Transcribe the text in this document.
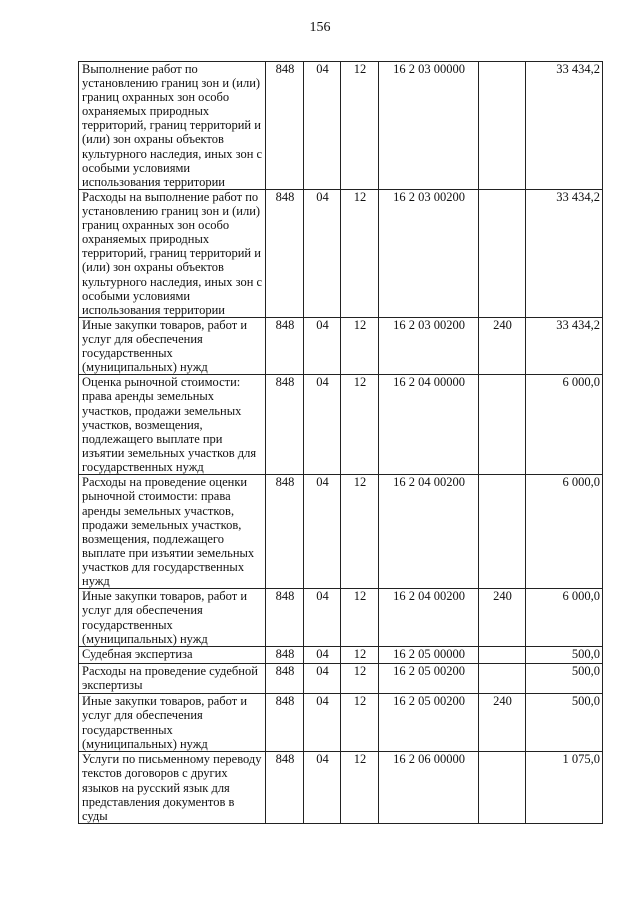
156
Выполнение работ по установлению границ зон и (или) границ охранных зон особо охраняемых природных территорий, границ территорий и (или) зон охраны объектов культурного наследия, иных зон с особыми условиями использования территории	848	04	12	16 2 03 00000		33 434,2
Расходы на выполнение работ по установлению границ зон и (или) границ охранных зон особо охраняемых природных территорий, границ территорий и (или) зон охраны объектов культурного наследия, иных зон с особыми условиями использования территории	848	04	12	16 2 03 00200		33 434,2
Иные закупки товаров, работ и услуг для обеспечения государственных (муниципальных) нужд	848	04	12	16 2 03 00200	240	33 434,2
Оценка рыночной стоимости: права аренды земельных участков, продажи земельных участков, возмещения, подлежащего выплате при изъятии земельных участков для государственных нужд	848	04	12	16 2 04 00000		6 000,0
Расходы на проведение оценки рыночной стоимости: права аренды земельных участков, продажи земельных участков, возмещения, подлежащего выплате при изъятии земельных участков для государственных нужд	848	04	12	16 2 04 00200		6 000,0
Иные закупки товаров, работ и услуг для обеспечения государственных (муниципальных) нужд	848	04	12	16 2 04 00200	240	6 000,0
Судебная экспертиза	848	04	12	16 2 05 00000		500,0
Расходы на проведение судебной экспертизы	848	04	12	16 2 05 00200		500,0
Иные закупки товаров, работ и услуг для обеспечения государственных (муниципальных) нужд	848	04	12	16 2 05 00200	240	500,0
Услуги по письменному переводу текстов договоров с других языков на русский язык для представления документов в суды	848	04	12	16 2 06 00000		1 075,0
